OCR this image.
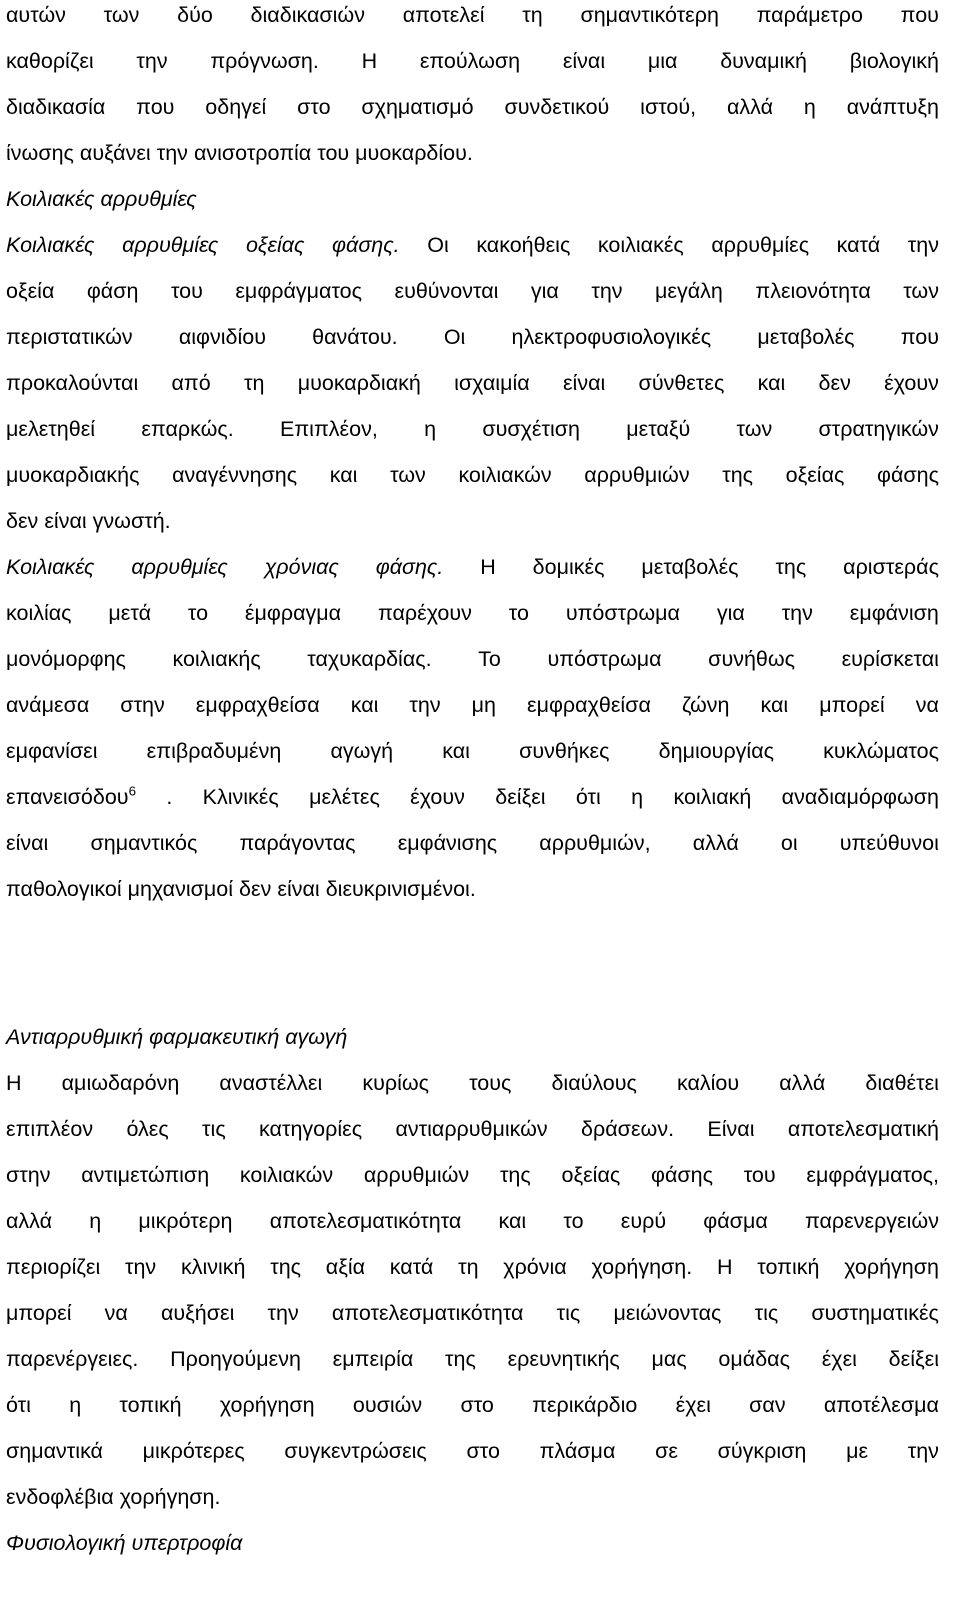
αυτών των δύο διαδικασιών αποτελεί τη σημαντικότερη παράμετρο που
καθορίζει την πρόγνωση. Η επούλωση είναι μια δυναμική βιολογική
διαδικασία που οδηγεί στο σχηματισμό συνδετικού ιστού, αλλά η ανάπτυξη
ίνωσης αυξάνει την ανισοτροπία του μυοκαρδίου.
Κοιλιακές αρρυθμίες
Κοιλιακές αρρυθμίες οξείας φάσης. Οι κακοήθεις κοιλιακές αρρυθμίες κατά την
οξεία φάση του εμφράγματος ευθύνονται για την μεγάλη πλειονότητα των
περιστατικών αιφνιδίου θανάτου. Οι ηλεκτροφυσιολογικές μεταβολές που
προκαλούνται από τη μυοκαρδιακή ισχαιμία είναι σύνθετες και δεν έχουν
μελετηθεί επαρκώς. Επιπλέον, η συσχέτιση μεταξύ των στρατηγικών
μυοκαρδιακής αναγέννησης και των κοιλιακών αρρυθμιών της οξείας φάσης
δεν είναι γνωστή.
Κοιλιακές αρρυθμίες χρόνιας φάσης. Η δομικές μεταβολές της αριστεράς
κοιλίας μετά το έμφραγμα παρέχουν το υπόστρωμα για την εμφάνιση
μονόμορφης κοιλιακής ταχυκαρδίας. Το υπόστρωμα συνήθως ευρίσκεται
ανάμεσα στην εμφραχθείσα και την μη εμφραχθείσα ζώνη και μπορεί να
εμφανίσει επιβραδυμένη αγωγή και συνθήκες δημιουργίας κυκλώματος
επανεισόδου$^6$ . Κλινικές μελέτες έχουν δείξει ότι η κοιλιακή αναδιαμόρφωση
είναι σημαντικός παράγοντας εμφάνισης αρρυθμιών, αλλά οι υπεύθυνοι
παθολογικοί μηχανισμοί δεν είναι διευκρινισμένοι.
Αντιαρρυθμική φαρμακευτική αγωγή
Η αμιωδαρόνη αναστέλλει κυρίως τους διαύλους καλίου αλλά διαθέτει
επιπλέον όλες τις κατηγορίες αντιαρρυθμικών δράσεων. Είναι αποτελεσματική
στην αντιμετώπιση κοιλιακών αρρυθμιών της οξείας φάσης του εμφράγματος,
αλλά η μικρότερη αποτελεσματικότητα και το ευρύ φάσμα παρενεργειών
περιορίζει την κλινική της αξία κατά τη χρόνια χορήγηση. Η τοπική χορήγηση
μπορεί να αυξήσει την αποτελεσματικότητα τις μειώνοντας τις συστηματικές
παρενέργειες. Προηγούμενη εμπειρία της ερευνητικής μας ομάδας έχει δείξει
ότι η τοπική χορήγηση ουσιών στο περικάρδιο έχει σαν αποτέλεσμα
σημαντικά μικρότερες συγκεντρώσεις στο πλάσμα σε σύγκριση με την
ενδοφλέβια χορήγηση.
Φυσιολογική υπερτροφία
